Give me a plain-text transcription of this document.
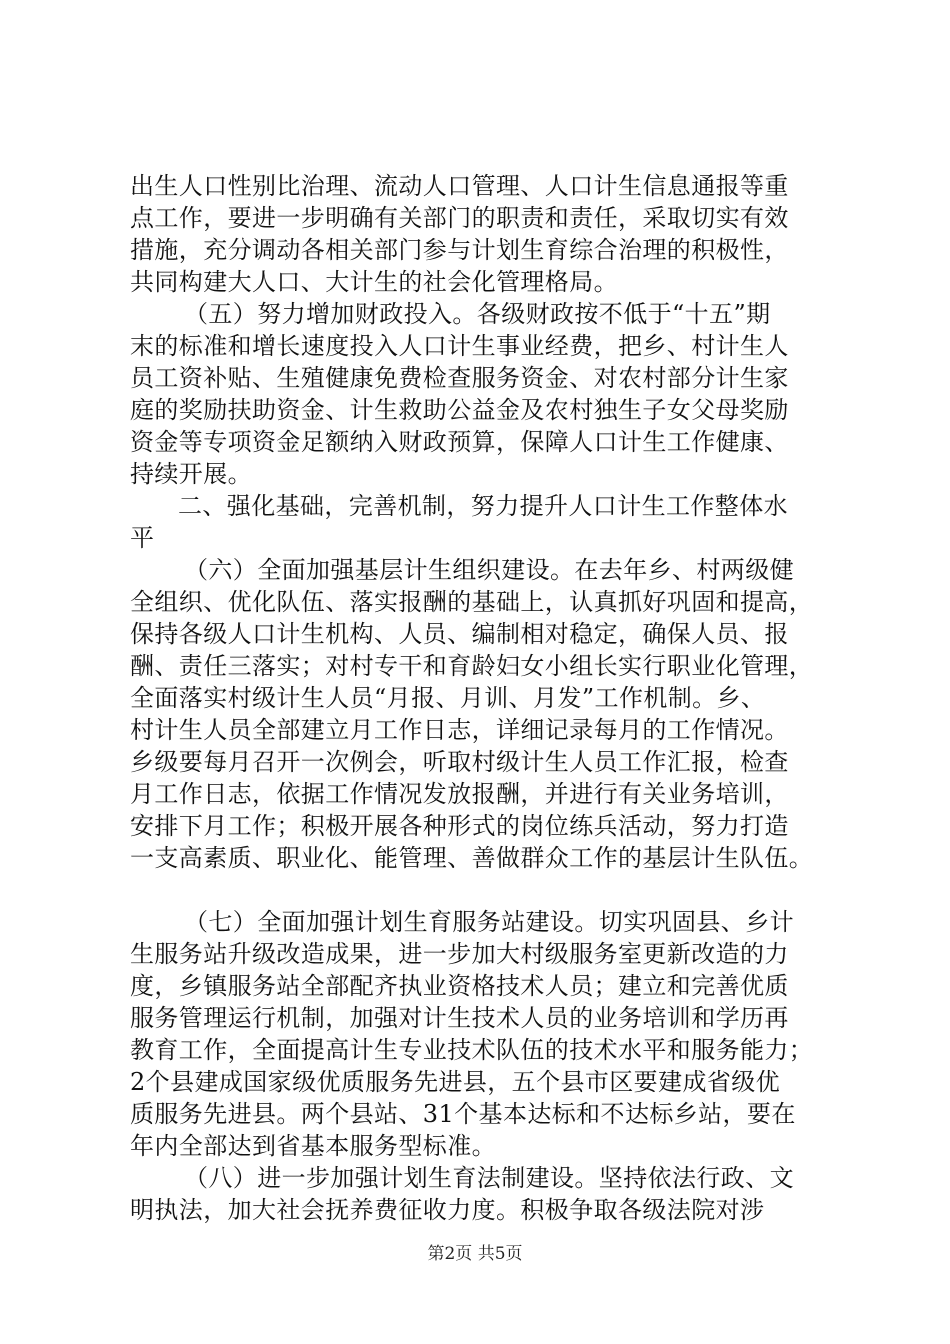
出生人口性别比治理、流动人口管理、人口计生信息通报等重
点工作，要进一步明确有关部门的职责和责任，采取切实有效
措施，充分调动各相关部门参与计划生育综合治理的积极性，
共同构建大人口、大计生的社会化管理格局。
（五）努力增加财政投入。各级财政按不低于“十五”期
末的标准和增长速度投入人口计生事业经费，把乡、村计生人
员工资补贴、生殖健康免费检查服务资金、对农村部分计生家
庭的奖励扶助资金、计生救助公益金及农村独生子女父母奖励
资金等专项资金足额纳入财政预算，保障人口计生工作健康、
持续开展。
二、强化基础，完善机制，努力提升人口计生工作整体水
平
（六）全面加强基层计生组织建设。在去年乡、村两级健
全组织、优化队伍、落实报酬的基础上，认真抓好巩固和提高，
保持各级人口计生机构、人员、编制相对稳定，确保人员、报
酬、责任三落实；对村专干和育龄妇女小组长实行职业化管理，
全面落实村级计生人员“月报、月训、月发”工作机制。乡、
村计生人员全部建立月工作日志，详细记录每月的工作情况。
乡级要每月召开一次例会，听取村级计生人员工作汇报，检查
月工作日志，依据工作情况发放报酬，并进行有关业务培训，
安排下月工作；积极开展各种形式的岗位练兵活动，努力打造
一支高素质、职业化、能管理、善做群众工作的基层计生队伍。
（七）全面加强计划生育服务站建设。切实巩固县、乡计
生服务站升级改造成果，进一步加大村级服务室更新改造的力
度，乡镇服务站全部配齐执业资格技术人员；建立和完善优质
服务管理运行机制，加强对计生技术人员的业务培训和学历再
教育工作，全面提高计生专业技术队伍的技术水平和服务能力；
2个县建成国家级优质服务先进县，五个县市区要建成省级优
质服务先进县。两个县站、31个基本达标和不达标乡站，要在
年内全部达到省基本服务型标准。
（八）进一步加强计划生育法制建设。坚持依法行政、文
明执法，加大社会抚养费征收力度。积极争取各级法院对涉
第2页 共5页
